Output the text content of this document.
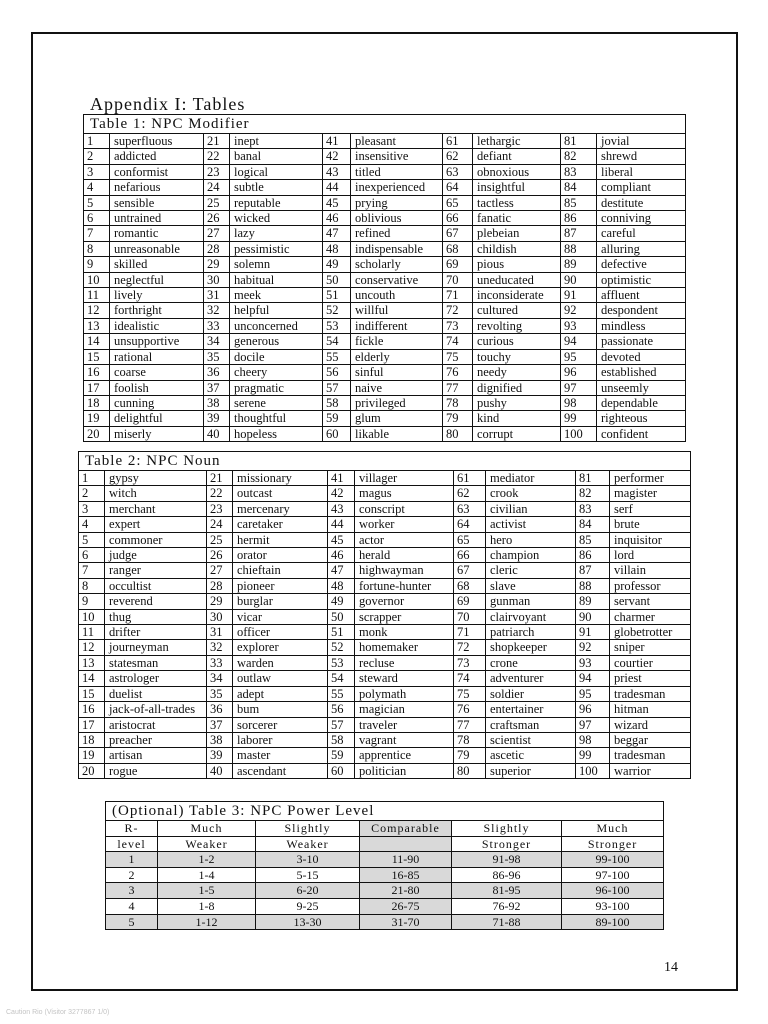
Appendix I: Tables
Table 1: NPC Modifier									
1	superfluous	21	inept	41	pleasant	61	lethargic	81	jovial
2	addicted	22	banal	42	insensitive	62	defiant	82	shrewd
3	conformist	23	logical	43	titled	63	obnoxious	83	liberal
4	nefarious	24	subtle	44	inexperienced	64	insightful	84	compliant
5	sensible	25	reputable	45	prying	65	tactless	85	destitute
6	untrained	26	wicked	46	oblivious	66	fanatic	86	conniving
7	romantic	27	lazy	47	refined	67	plebeian	87	careful
8	unreasonable	28	pessimistic	48	indispensable	68	childish	88	alluring
9	skilled	29	solemn	49	scholarly	69	pious	89	defective
10	neglectful	30	habitual	50	conservative	70	uneducated	90	optimistic
11	lively	31	meek	51	uncouth	71	inconsiderate	91	affluent
12	forthright	32	helpful	52	willful	72	cultured	92	despondent
13	idealistic	33	unconcerned	53	indifferent	73	revolting	93	mindless
14	unsupportive	34	generous	54	fickle	74	curious	94	passionate
15	rational	35	docile	55	elderly	75	touchy	95	devoted
16	coarse	36	cheery	56	sinful	76	needy	96	established
17	foolish	37	pragmatic	57	naive	77	dignified	97	unseemly
18	cunning	38	serene	58	privileged	78	pushy	98	dependable
19	delightful	39	thoughtful	59	glum	79	kind	99	righteous
20	miserly	40	hopeless	60	likable	80	corrupt	100	confident
Table 2: NPC Noun									
1	gypsy	21	missionary	41	villager	61	mediator	81	performer
2	witch	22	outcast	42	magus	62	crook	82	magister
3	merchant	23	mercenary	43	conscript	63	civilian	83	serf
4	expert	24	caretaker	44	worker	64	activist	84	brute
5	commoner	25	hermit	45	actor	65	hero	85	inquisitor
6	judge	26	orator	46	herald	66	champion	86	lord
7	ranger	27	chieftain	47	highwayman	67	cleric	87	villain
8	occultist	28	pioneer	48	fortune-hunter	68	slave	88	professor
9	reverend	29	burglar	49	governor	69	gunman	89	servant
10	thug	30	vicar	50	scrapper	70	clairvoyant	90	charmer
11	drifter	31	officer	51	monk	71	patriarch	91	globetrotter
12	journeyman	32	explorer	52	homemaker	72	shopkeeper	92	sniper
13	statesman	33	warden	53	recluse	73	crone	93	courtier
14	astrologer	34	outlaw	54	steward	74	adventurer	94	priest
15	duelist	35	adept	55	polymath	75	soldier	95	tradesman
16	jack-of-all-trades	36	bum	56	magician	76	entertainer	96	hitman
17	aristocrat	37	sorcerer	57	traveler	77	craftsman	97	wizard
18	preacher	38	laborer	58	vagrant	78	scientist	98	beggar
19	artisan	39	master	59	apprentice	79	ascetic	99	tradesman
20	rogue	40	ascendant	60	politician	80	superior	100	warrior
(Optional) Table 3: NPC Power Level					
R-	Much	Slightly	Comparable	Slightly	Much
level	Weaker	Weaker		Stronger	Stronger
1	1-2	3-10	11-90	91-98	99-100
2	1-4	5-15	16-85	86-96	97-100
3	1-5	6-20	21-80	81-95	96-100
4	1-8	9-25	26-75	76-92	93-100
5	1-12	13-30	31-70	71-88	89-100
14
Caution Rio (Visitor 3277867 1/0)
